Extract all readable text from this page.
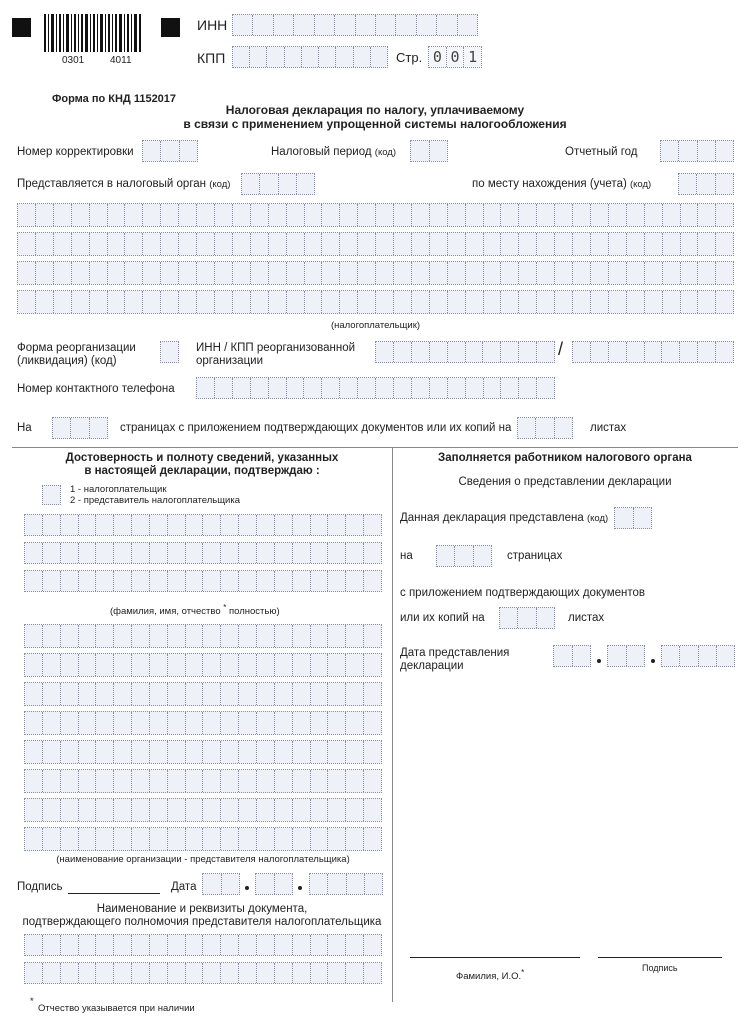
0301	4011
ИНН
КПП	Стр. 0 0 1
Форма по КНД 1152017
Налоговая декларация по налогу, уплачиваемому
в связи с применением упрощенной системы налогообложения
Номер корректировки	Налоговый период (код)	Отчетный год
Представляется в налоговый орган (код)	по месту нахождения (учета) (код)
(налогоплательщик)
Форма реорганизации
(ликвидация) (код)
ИНН / КПП реорганизованной
организации
/
Номер контактного телефона
На	страницах с приложением подтверждающих документов или их копий на	листах
Достоверность и полноту сведений, указанных
в настоящей декларации, подтверждаю :
1 - налогоплательщик
2 - представитель налогоплательщика
(фамилия, имя, отчество * полностью)
(наименование организации - представителя налогоплательщика)
Подпись	Дата
Наименование и реквизиты документа,
подтверждающего полномочия представителя налогоплательщика
*
Отчество указывается при наличии
Заполняется работником налогового органа
Сведения о представлении декларации
Данная декларация представлена (код)
на	страницах
с приложением подтверждающих документов
или их копий на	листах
Дата представления
декларации
Фамилия, И.О.*	Подпись
